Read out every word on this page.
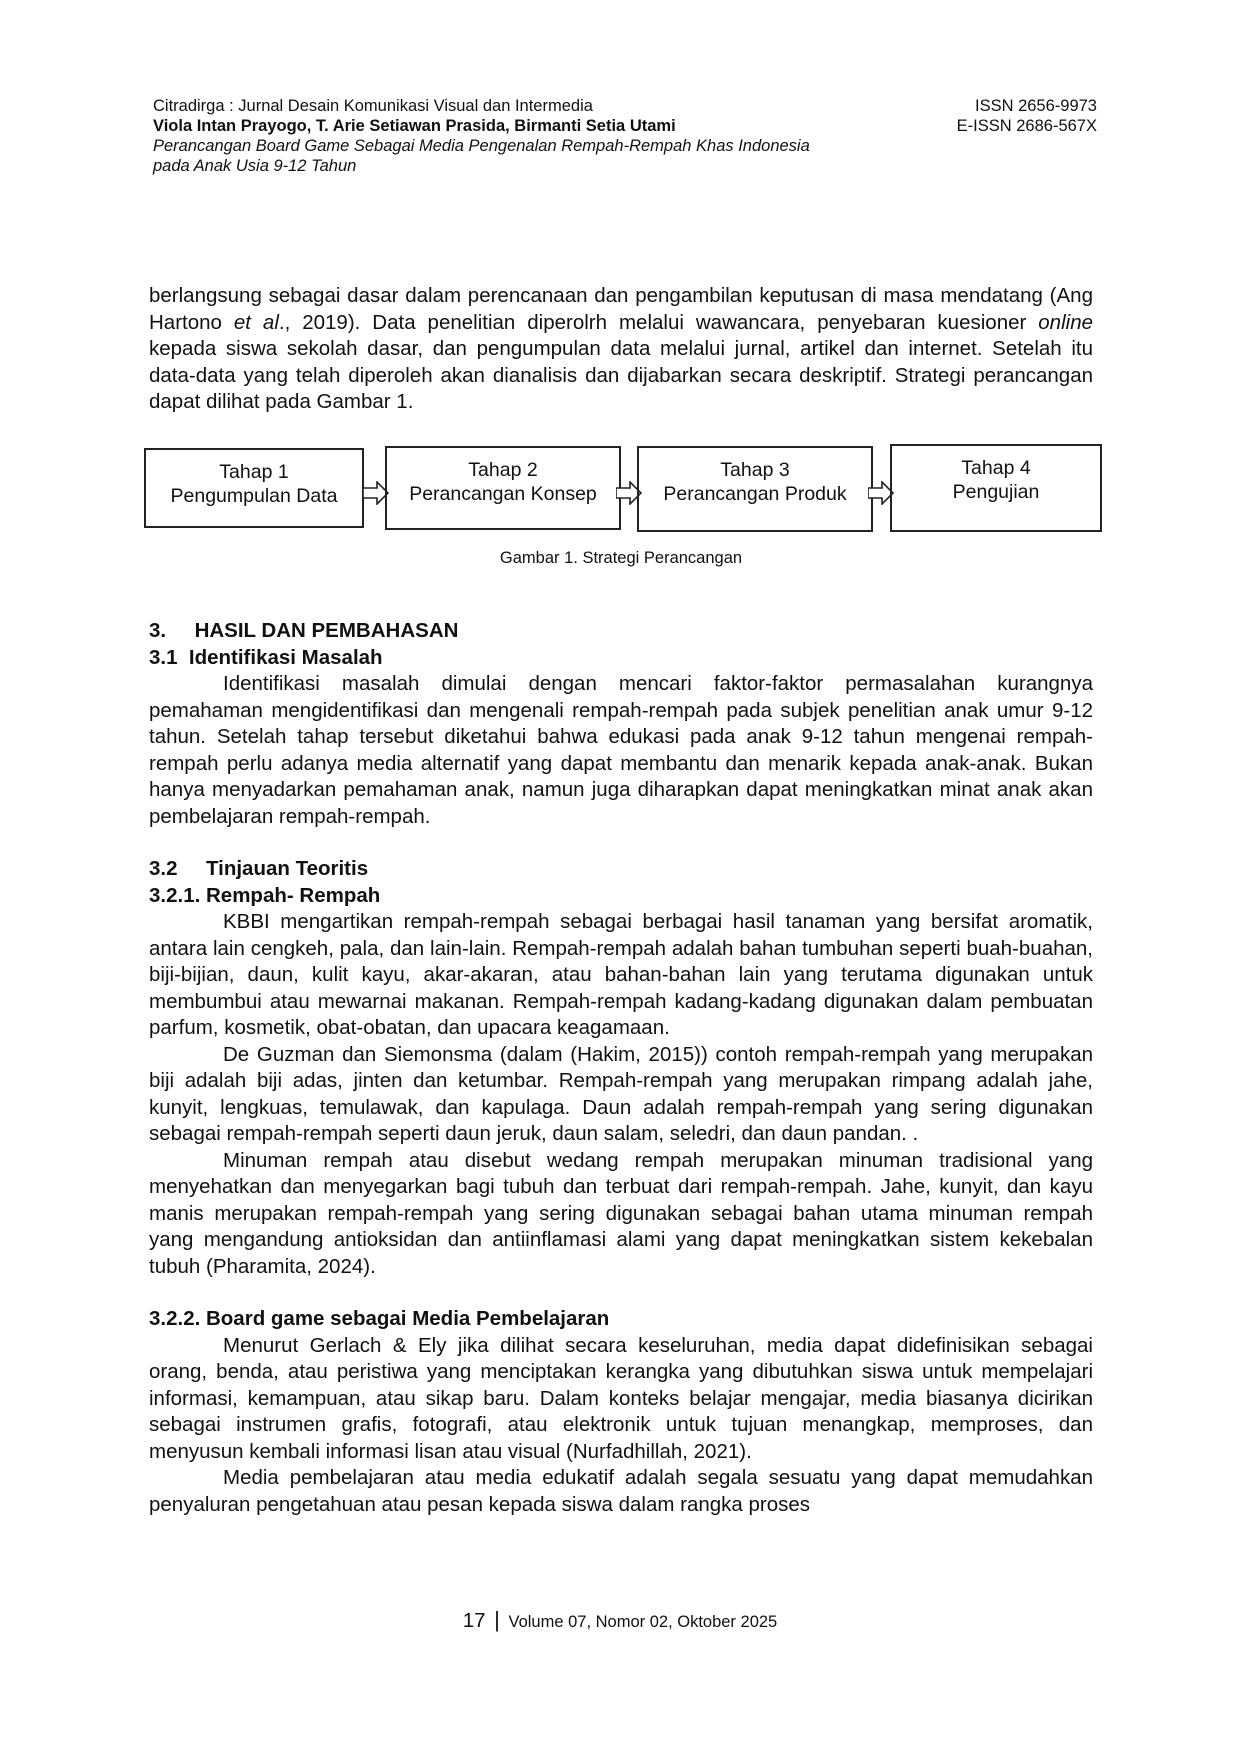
Citradirga : Jurnal Desain Komunikasi Visual dan Intermedia
Viola Intan Prayogo, T. Arie Setiawan Prasida, Birmanti Setia Utami
Perancangan Board Game Sebagai Media Pengenalan Rempah-Rempah Khas Indonesia
pada Anak Usia 9-12 Tahun
ISSN 2656-9973
E-ISSN 2686-567X

berlangsung sebagai dasar dalam perencanaan dan pengambilan keputusan di masa mendatang (Ang Hartono et al., 2019). Data penelitian diperolrh melalui wawancara, penyebaran kuesioner online kepada siswa sekolah dasar, dan pengumpulan data melalui jurnal, artikel dan internet. Setelah itu data-data yang telah diperoleh akan dianalisis dan dijabarkan secara deskriptif. Strategi perancangan dapat dilihat pada Gambar 1.

Tahap 1
Pengumpulan Data
Tahap 2
Perancangan Konsep
Tahap 3
Perancangan Produk
Tahap 4
Pengujian
Gambar 1. Strategi Perancangan
3.     HASIL DAN PEMBAHASAN
3.1  Identifikasi Masalah

Identifikasi masalah dimulai dengan mencari faktor-faktor permasalahan kurangnya pemahaman mengidentifikasi dan mengenali rempah-rempah pada subjek penelitian anak umur 9-12 tahun. Setelah tahap tersebut diketahui bahwa edukasi pada anak 9-12 tahun mengenai rempah-rempah perlu adanya media alternatif yang dapat membantu dan menarik kepada anak-anak. Bukan hanya menyadarkan pemahaman anak, namun juga diharapkan dapat meningkatkan minat anak akan pembelajaran rempah-rempah.

3.2     Tinjauan Teoritis
3.2.1. Rempah- Rempah

KBBI mengartikan rempah-rempah sebagai berbagai hasil tanaman yang bersifat aromatik, antara lain cengkeh, pala, dan lain-lain. Rempah-rempah adalah bahan tumbuhan seperti buah-buahan, biji-bijian, daun, kulit kayu, akar-akaran, atau bahan-bahan lain yang terutama digunakan untuk membumbui atau mewarnai makanan. Rempah-rempah kadang-kadang digunakan dalam pembuatan parfum, kosmetik, obat-obatan, dan upacara keagamaan.

De Guzman dan Siemonsma (dalam (Hakim, 2015)) contoh rempah-rempah yang merupakan biji adalah biji adas, jinten dan ketumbar. Rempah-rempah yang merupakan rimpang adalah jahe, kunyit, lengkuas, temulawak, dan kapulaga. Daun adalah rempah-rempah yang sering digunakan sebagai rempah-rempah seperti daun jeruk, daun salam, seledri, dan daun pandan. .

Minuman rempah atau disebut wedang rempah merupakan minuman tradisional yang menyehatkan dan menyegarkan bagi tubuh dan terbuat dari rempah-rempah. Jahe, kunyit, dan kayu manis merupakan rempah-rempah yang sering digunakan sebagai bahan utama minuman rempah yang mengandung antioksidan dan antiinflamasi alami yang dapat meningkatkan sistem kekebalan tubuh (Pharamita, 2024).

3.2.2. Board game sebagai Media Pembelajaran

Menurut Gerlach & Ely jika dilihat secara keseluruhan, media dapat didefinisikan sebagai orang, benda, atau peristiwa yang menciptakan kerangka yang dibutuhkan siswa untuk mempelajari informasi, kemampuan, atau sikap baru. Dalam konteks belajar mengajar, media biasanya dicirikan sebagai instrumen grafis, fotografi, atau elektronik untuk tujuan menangkap, memproses, dan menyusun kembali informasi lisan atau visual (Nurfadhillah, 2021).

Media pembelajaran atau media edukatif adalah segala sesuatu yang dapat memudahkan penyaluran pengetahuan atau pesan kepada siswa dalam rangka proses

17 | Volume 07, Nomor 02, Oktober 2025
